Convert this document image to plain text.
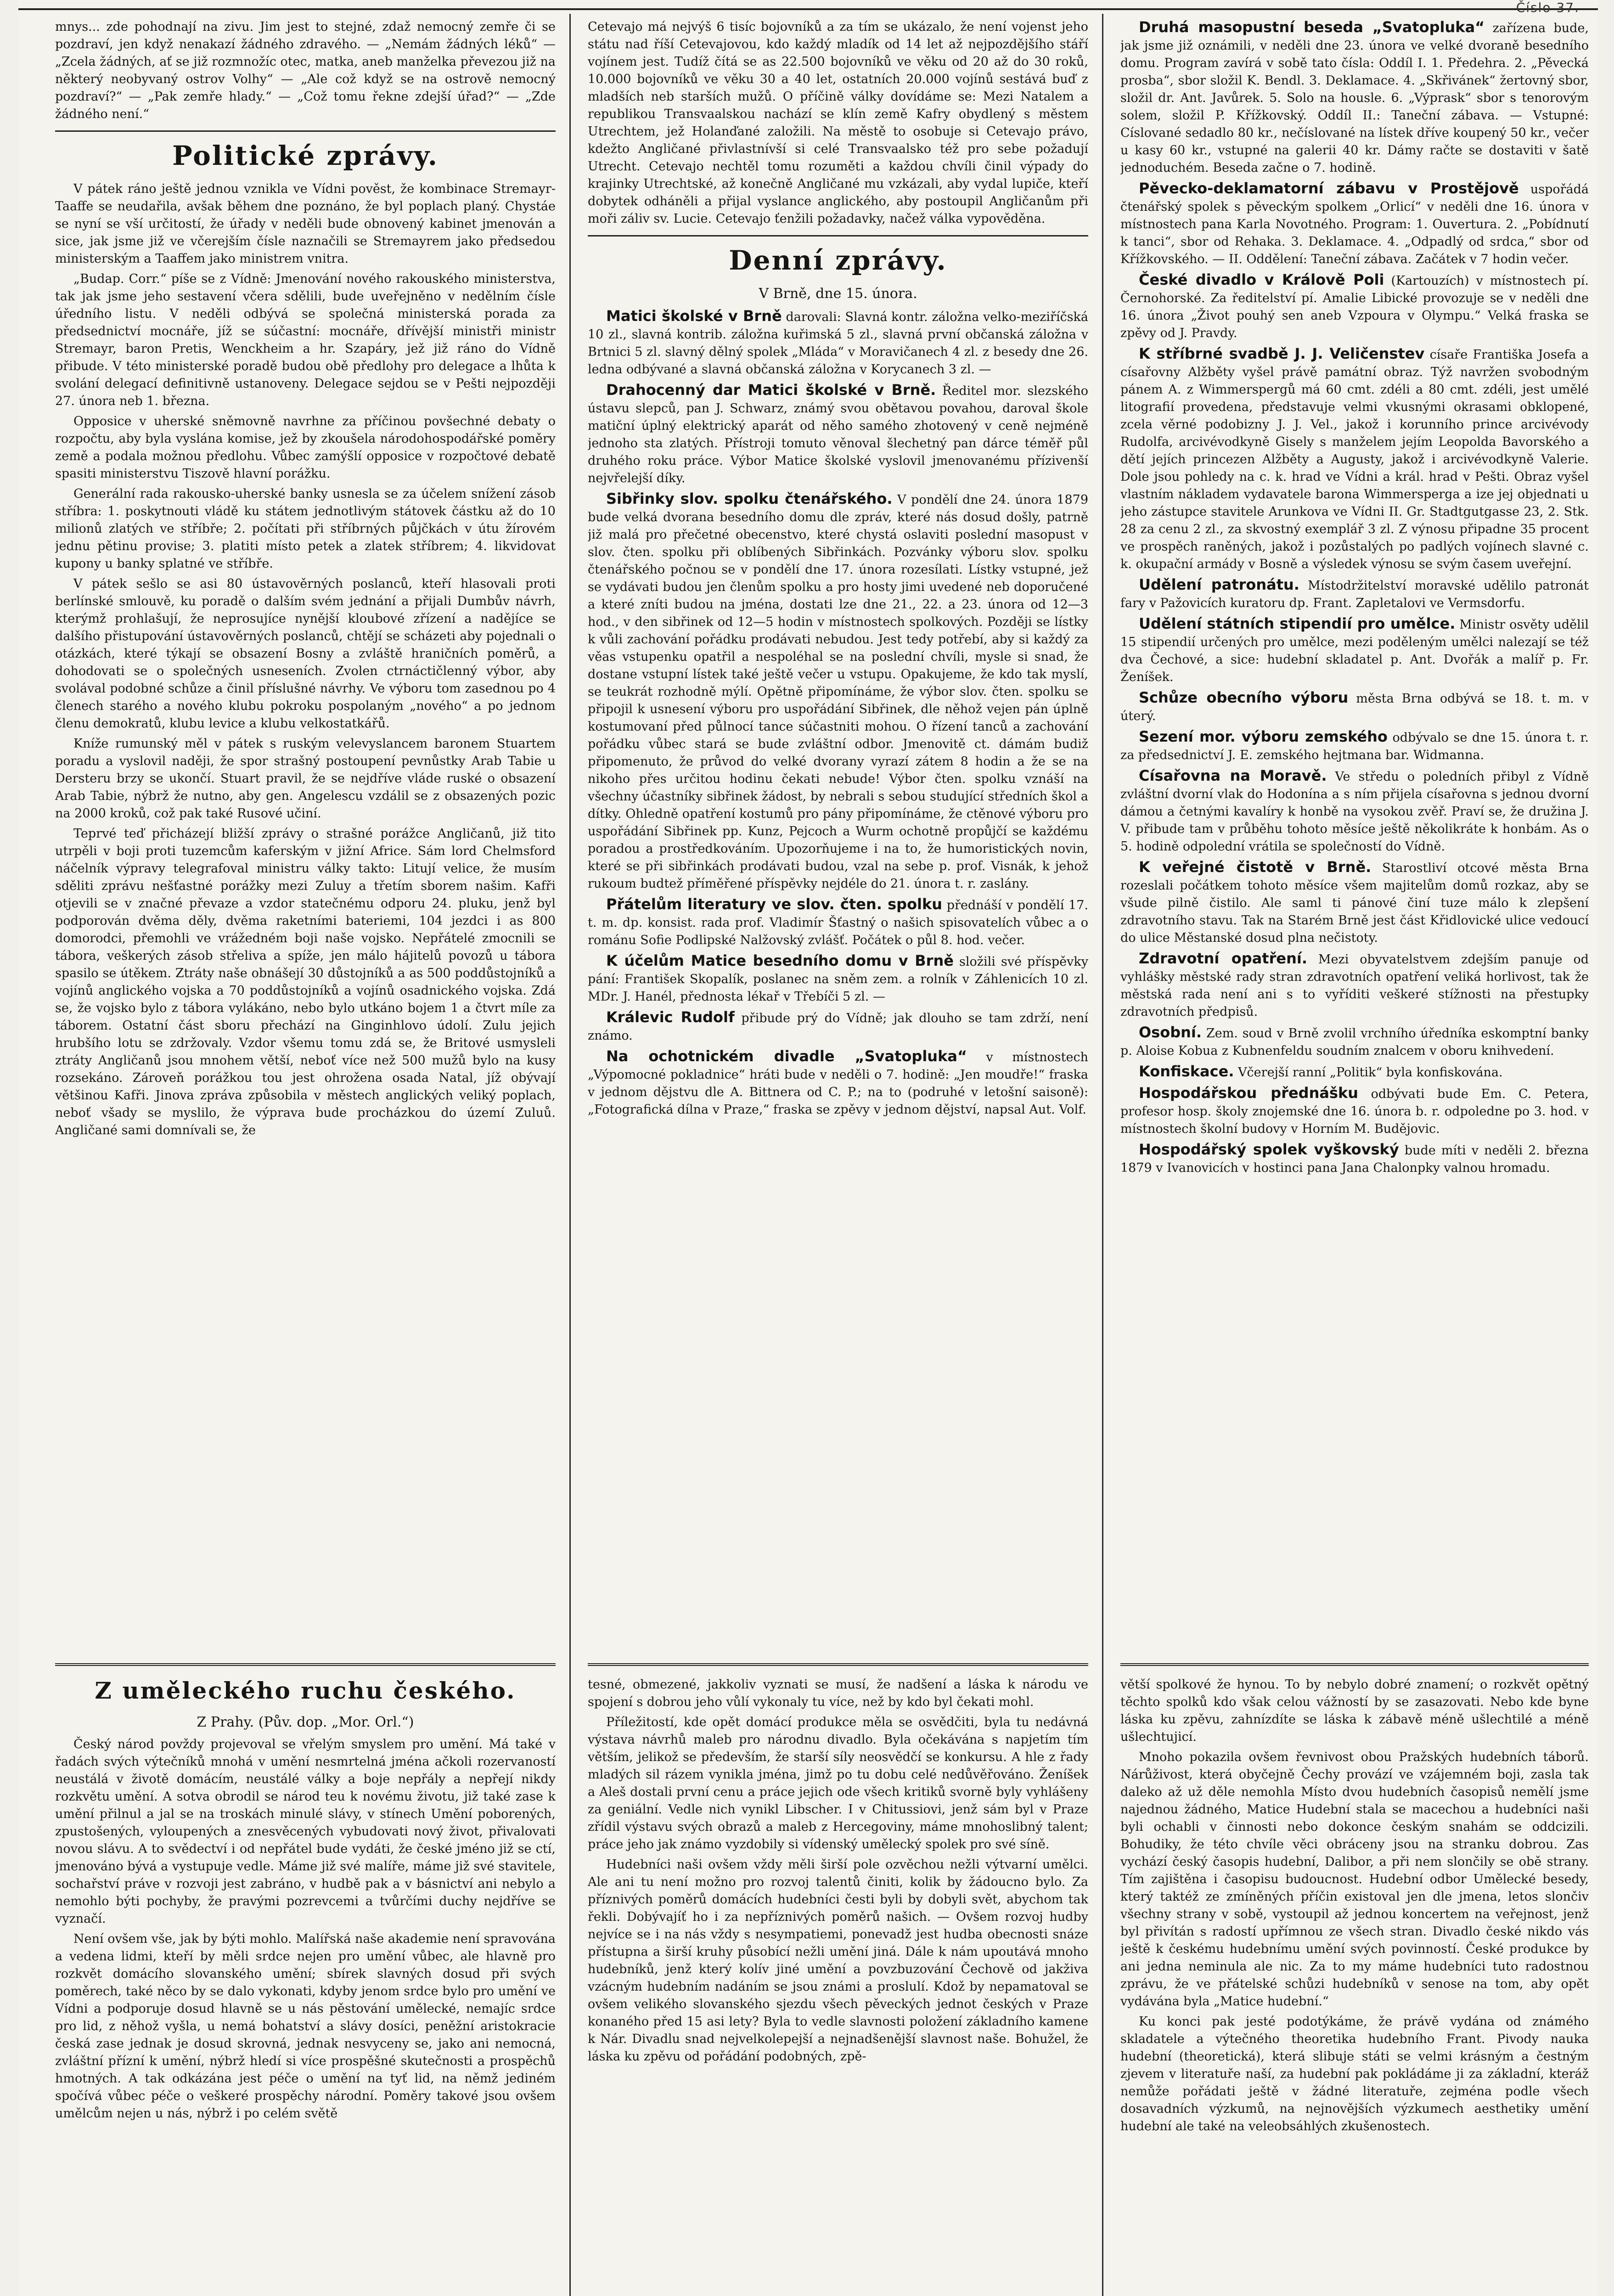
Číslo 37.

mnys... zde pohodnají na zivu. Jim jest to stejné, zdaž nemocný zemře či se pozdraví, jen když nenakazí žádného zdravého. — „Nemám žádných léků“ — „Zcela žádných, ať se již rozmnožíc otec, matka, aneb manželka převezou již na některý neobyvaný ostrov Volhy“ — „Ale což když se na ostrově nemocný pozdraví?“ — „Pak zemře hlady.“ — „Což tomu řekne zdejší úřad?“ — „Zde žádného není.“

Politické zprávy.

V pátek ráno ještě jednou vznikla ve Vídni pověst, že kombinace Stremayr-Taaffe se neudařila, avšak během dne poznáno, že byl poplach planý. Chystáe se nyní se vší určitostí, že úřady v neděli bude obnovený kabinet jmenován a sice, jak jsme již ve včerejším čísle naznačili se Stremayrem jako předsedou ministerským a Taaffem jako ministrem vnitra.

„Budap. Corr.“ píše se z Vídně: Jmenování nového rakouského ministerstva, tak jak jsme jeho sestavení včera sdělili, bude uveřejněno v nedělním čísle úředního listu. V neděli odbývá se společná ministerská porada za předsednictví mocnáře, jíž se súčastní: mocnáře, dřívější ministři ministr Stremayr, baron Pretis, Wenckheim a hr. Szapáry, jež již ráno do Vídně přibude. V této ministerské poradě budou obě předlohy pro delegace a lhůta k svolání delegací definitivně ustanoveny. Delegace sejdou se v Pešti nejpozději 27. února neb 1. března.

Opposice v uherské sněmovně navrhne za příčinou povšechné debaty o rozpočtu, aby byla vyslána komise, jež by zkoušela národohospodářské poměry země a podala možnou předlohu. Vůbec zamýšlí opposice v rozpočtové debatě spasiti ministerstvu Tiszově hlavní porážku.

Generální rada rakousko-uherské banky usnesla se za účelem snížení zásob stříbra: 1. poskytnouti vládě ku státem jednotlivým státovek částku až do 10 milionů zlatých ve stříbře; 2. počítati při stříbrných půjčkách v útu žírovém jednu pětinu provise; 3. platiti místo petek a zlatek stříbrem; 4. likvidovat kupony u banky splatné ve stříbře.

V pátek sešlo se asi 80 ústavověrných poslanců, kteří hlasovali proti berlínské smlouvě, ku poradě o dalším svém jednání a přijali Dumbův návrh, kterýmž prohlašují, že neprosujíce nynější kloubové zřízení a nadějíce se dalšího přistupování ústavověrných poslanců, chtějí se scházeti aby pojednali o otázkách, které týkají se obsazení Bosny a zvláště hraničních poměrů, a dohodovati se o společných usneseních. Zvolen ctrnáctičlenný výbor, aby svolával podobné schůze a činil příslušné návrhy. Ve výboru tom zasednou po 4 členech starého a nového klubu pokroku pospolaným „nového“ a po jednom členu demokratů, klubu levice a klubu velkostatkářů.

Kníže rumunský měl v pátek s ruským velevyslancem baronem Stuartem poradu a vyslovil naději, že spor strašný postoupení pevnůstky Arab Tabie u Dersteru brzy se ukončí. Stuart pravil, že se nejdříve vláde ruské o obsazení Arab Tabie, nýbrž že nutno, aby gen. Angelescu vzdálil se z obsazených pozic na 2000 kroků, což pak také Rusové učiní.

Teprvé teď přicházejí bližší zprávy o strašné porážce Angličanů, již tito utrpěli v boji proti tuzemcům kaferským v jižní Africe. Sám lord Chelmsford náčelník výpravy telegrafoval ministru války takto: Litují velice, že musím sděliti zprávu nešťastné porážky mezi Zuluy a třetím sborem našim. Kafři otjevili se v značné převaze a vzdor statečnému odporu 24. pluku, jenž byl podporován dvěma děly, dvěma raketními bateriemi, 104 jezdci i as 800 domorodci, přemohli ve vrážedném boji naše vojsko. Nepřátelé zmocnili se tábora, veškerých zásob střeliva a spíže, jen málo hájitelů povozů u tábora spasilo se útěkem. Ztráty naše obnášejí 30 důstojníků a as 500 poddůstojníků a vojínů anglického vojska a 70 poddůstojníků a vojínů osadnického vojska. Zdá se, že vojsko bylo z tábora vylákáno, nebo bylo utkáno bojem 1 a čtvrt míle za táborem. Ostatní část sboru přechází na Ginginhlovo údolí. Zulu jejich hrubšího lotu se zdržovaly. Vzdor všemu tomu zdá se, že Britové usmysleli ztráty Angličanů jsou mnohem větší, neboť více než 500 mužů bylo na kusy rozsekáno. Zároveň porážkou tou jest ohrožena osada Natal, jíž obývají většinou Kafři. Jinova zpráva způsobila v městech anglických veliký poplach, neboť všady se myslilo, že výprava bude procházkou do území Zuluů. Angličané sami domnívali se, že

Z uměleckého ruchu českého.
Z Prahy. (Pův. dop. „Mor. Orl.“)

Český národ povždy projevoval se vřelým smyslem pro umění. Má také v řadách svých výtečníků mnohá v umění nesmrtelná jména ačkoli rozervaností neustálá v životě domácím, neustálé války a boje nepřály a nepřejí nikdy rozkvětu umění. A sotva obrodil se národ teu k novému životu, již také zase k umění přilnul a jal se na troskách minulé slávy, v stínech Umění poborených, zpustošených, vyloupených a znesvěcených vybudovati nový život, přivalovati novou slávu. A to svědectví i od nepřátel bude vydáti, že české jméno již se ctí, jmenováno bývá a vystupuje vedle. Máme již své malíře, máme již své stavitele, sochařství práve v rozvoji jest zabráno, v hudbě pak a v básnictví ani nebylo a nemohlo býti pochyby, že pravými pozrevcemi a tvůrčími duchy nejdříve se vyznačí.

Není ovšem vše, jak by býti mohlo. Malířská naše akademie není spravována a vedena lidmi, kteří by měli srdce nejen pro umění vůbec, ale hlavně pro rozkvět domácího slovanského umění; sbírek slavných dosud při svých poměrech, také něco by se dalo vykonati, kdyby jenom srdce bylo pro umění ve Vídni a podporuje dosud hlavně se u nás pěstování umělecké, nemajíc srdce pro lid, z něhož vyšla, u nemá bohatství a slávy dosíci, peněžní aristokracie česká zase jednak je dosud skrovná, jednak nesvyceny se, jako ani nemocná, zvláštní přízní k umění, nýbrž hledí si více prospěšné skutečnosti a prospěchů hmotných. A tak odkázána jest péče o umění na tyť lid, na němž jediném spočívá vůbec péče o veškeré prospěchy národní. Poměry takové jsou ovšem umělcům nejen u nás, nýbrž i po celém světě

Cetevajo má nejvýš 6 tisíc bojovníků a za tím se ukázalo, že není vojenst jeho státu nad říší Cetevajovou, kdo každý mladík od 14 let až nejpozdějšího stáří vojínem jest. Tudíž čítá se as 22.500 bojovníků ve věku od 20 až do 30 roků, 10.000 bojovníků ve věku 30 a 40 let, ostatních 20.000 vojínů sestává buď z mladších neb starších mužů. O příčině války dovídáme se: Mezi Natalem a republikou Transvaalskou nachází se klín země Kafry obydlený s městem Utrechtem, jež Holanďané založili. Na městě to osobuje si Cetevajo právo, kdežto Angličané přivlastnívší si celé Transvaalsko též pro sebe požadují Utrecht. Cetevajo nechtěl tomu rozuměti a každou chvíli činil výpady do krajinky Utrechtské, až konečně Angličané mu vzkázali, aby vydal lupiče, kteří dobytek odháněli a přijal vyslance anglického, aby postoupil Angličanům při moři záliv sv. Lucie. Cetevajo ťenžili požadavky, načež válka vypověděna.

Denní zprávy.
V Brně, dne 15. února.

Matici školské v Brně darovali: Slavná kontr. záložna velko-meziříčská 10 zl., slavná kontrib. záložna kuřimská 5 zl., slavná první občanská záložna v Brtnici 5 zl. slavný dělný spolek „Mláda“ v Moravičanech 4 zl. z besedy dne 26. ledna odbývané a slavná občanská záložna v Korycanech 3 zl. —

Drahocenný dar Matici školské v Brně. Ředitel mor. slezského ústavu slepců, pan J. Schwarz, známý svou obětavou povahou, daroval škole matiční úplný elektrický aparát od něho samého zhotovený v ceně nejméně jednoho sta zlatých. Přístroji tomuto věnoval šlechetný pan dárce téměř půl druhého roku práce. Výbor Matice školské vyslovil jmenovanému přízivenší nejvřelejší díky.

Sibřinky slov. spolku čtenářského. V pondělí dne 24. února 1879 bude velká dvorana besedního domu dle zpráv, které nás dosud došly, patrně již malá pro přečetné obecenstvo, které chystá oslaviti poslední masopust v slov. čten. spolku při oblíbených Sibřinkách. Pozvánky výboru slov. spolku čtenářského počnou se v pondělí dne 17. února rozesílati. Lístky vstupné, jež se vydávati budou jen členům spolku a pro hosty jimi uvedené neb doporučené a které zníti budou na jména, dostati lze dne 21., 22. a 23. února od 12—3 hod., v den sibřinek od 12—5 hodin v místnostech spolkových. Později se lístky k vůli zachování pořádku prodávati nebudou. Jest tedy potřebí, aby si každý za věas vstupenku opatřil a nespoléhal se na poslední chvíli, mysle si snad, že dostane vstupní lístek také ještě večer u vstupu. Opakujeme, že kdo tak myslí, se teukrát rozhodně mýlí. Opětně připomínáme, že výbor slov. čten. spolku se připojil k usnesení výboru pro uspořádání Sibřinek, dle něhož vejen pán úplně kostumovaní před půlnocí tance súčastniti mohou. O řízení tanců a zachování pořádku vůbec stará se bude zvláštní odbor. Jmenovitě ct. dámám budiž připomenuto, že průvod do velké dvorany vyrazí zátem 8 hodin a že se na nikoho přes určitou hodinu čekati nebude! Výbor čten. spolku vznáší na všechny účastníky sibřinek žádost, by nebrali s sebou studující středních škol a dítky. Ohledně opatření kostumů pro pány připomínáme, že ctěnové výboru pro uspořádání Sibřinek pp. Kunz, Pejcoch a Wurm ochotně propůjčí se každému poradou a prostředkováním. Upozorňujeme i na to, že humoristických novin, které se při sibřinkách prodávati budou, vzal na sebe p. prof. Visnák, k jehož rukoum budtež příměřené příspěvky nejdéle do 21. února t. r. zaslány.

Přátelům literatury ve slov. čten. spolku přednáší v pondělí 17. t. m. dp. konsist. rada prof. Vladimír Šťastný o našich spisovatelích vůbec a o románu Sofie Podlipské Nalžovský zvlášť. Počátek o půl 8. hod. večer.

K účelům Matice besedního domu v Brně složili své příspěvky pání: František Skopalík, poslanec na sněm zem. a rolník v Záhlenicích 10 zl. MDr. J. Hanél, přednosta lékař v Třebíči 5 zl. —

Králevic Rudolf přibude prý do Vídně; jak dlouho se tam zdrží, není známo.

Na ochotnickém divadle „Svatopluka“ v místnostech „Výpomocné pokladnice“ hráti bude v neděli o 7. hodině: „Jen moudře!“ fraska v jednom dějstvu dle A. Bittnera od C. P.; na to (podruhé v letošní saisoně): „Fotografická dílna v Praze,“ fraska se zpěvy v jednom dějství, napsal Aut. Volf.

tesné, obmezené, jakkoliv vyznati se musí, že nadšení a láska k národu ve spojení s dobrou jeho vůlí vykonaly tu více, než by kdo byl čekati mohl.

Příležitostí, kde opět domácí produkce měla se osvědčiti, byla tu nedávná výstava návrhů maleb pro národnu divadlo. Byla očekávána s napjetím tím větším, jelikož se především, že starší síly neosvědčí se konkursu. A hle z řady mladých sil rázem vynikla jména, jimž po tu dobu celé nedůvěřováno. Ženíšek a Aleš dostali první cenu a práce jejich ode všech kritiků svorně byly vyhlášeny za geniální. Vedle nich vynikl Libscher. I v Chitussiovi, jenž sám byl v Praze zřídil výstavu svých obrazů a maleb z Hercegoviny, máme mnohoslibný talent; práce jeho jak známo vyzdobily si vídenský umělecký spolek pro své síně.

Hudebníci naši ovšem vždy měli širší pole ozvěchou nežli výtvarní umělci. Ale ani tu není možno pro rozvoj talentů činiti, kolik by žádoucno bylo. Za příznivých poměrů domácích hudebníci česti byli by dobyli svět, abychom tak řekli. Dobývajíť ho i za nepříznivých poměrů našich. — Ovšem rozvoj hudby nejvíce se i na nás vždy s nesympatiemi, ponevadž jest hudba obecnosti snáze přístupna a širší kruhy působící nežli umění jiná. Dále k nám upoutává mnoho hudebníků, jenž který kolív jiné umění a povzbuzování Čechově od jakživa vzácným hudebním nadáním se jsou známi a proslulí. Kdož by nepamatoval se ovšem velikého slovanského sjezdu všech pěveckých jednot českých v Praze konaného před 15 asi lety? Byla to vedle slavnosti položení základního kamene k Nár. Divadlu snad nejvelkolepejší a nejnadšenější slavnost naše. Bohužel, že láska ku zpěvu od pořádání podobných, zpě-

Druhá masopustní beseda „Svatopluka“ zařízena bude, jak jsme již oznámili, v neděli dne 23. února ve velké dvoraně besedního domu. Program zavírá v sobě tato čísla: Oddíl I. 1. Předehra. 2. „Pěvecká prosba“, sbor složil K. Bendl. 3. Deklamace. 4. „Skřivánek“ žertovný sbor, složil dr. Ant. Javůrek. 5. Solo na housle. 6. „Výprask“ sbor s tenorovým solem, složil P. Křížkovský. Oddíl II.: Taneční zábava. — Vstupné: Císlované sedadlo 80 kr., nečíslované na lístek dříve koupený 50 kr., večer u kasy 60 kr., vstupné na galerii 40 kr. Dámy račte se dostaviti v šatě jednoduchém. Beseda začne o 7. hodině.

Pěvecko-deklamatorní zábavu v Prostějově uspořádá čtenářský spolek s pěveckým spolkem „Orlicí“ v neděli dne 16. února v místnostech pana Karla Novotného. Program: 1. Ouvertura. 2. „Pobídnutí k tanci“, sbor od Rehaka. 3. Deklamace. 4. „Odpadlý od srdca,“ sbor od Křížkovského. — II. Oddělení: Taneční zábava. Začátek v 7 hodin večer.

České divadlo v Králově Poli (Kartouzích) v místnostech pí. Černohorské. Za ředitelství pí. Amalie Libické provozuje se v neděli dne 16. února „Život pouhý sen aneb Vzpoura v Olympu.“ Velká fraska se zpěvy od J. Pravdy.

K stříbrné svadbě J. J. Veličenstev císaře Františka Josefa a císařovny Alžběty vyšel právě památní obraz. Týž navržen svobodným pánem A. z Wimmerspergů má 60 cmt. zdéli a 80 cmt. zdéli, jest umělé litografií provedena, představuje velmi vkusnými okrasami obklopené, zcela věrné podobizny J. J. Vel., jakož i korunního prince arcivévody Rudolfa, arcivévodkyně Gisely s manželem jejím Leopolda Bavorského a dětí jejích princezen Alžběty a Augusty, jakož i arcivévodkyně Valerie. Dole jsou pohledy na c. k. hrad ve Vídni a král. hrad v Pešti. Obraz vyšel vlastním nákladem vydavatele barona Wimmersperga a ize jej objednati u jeho zástupce stavitele Arunkova ve Vídni II. Gr. Stadtgutgasse 23, 2. Stk. 28 za cenu 2 zl., za skvostný exemplář 3 zl. Z výnosu připadne 35 procent ve prospěch raněných, jakož i pozůstalých po padlých vojínech slavné c. k. okupační armády v Bosně a výsledek výnosu se svým časem uveřejní.

Udělení patronátu. Místodržitelství moravské udělilo patronát fary v Pažovicích kuratoru dp. Frant. Zapletalovi ve Vermsdorfu.

Udělení státních stipendií pro umělce. Ministr osvěty udělil 15 stipendií určených pro umělce, mezi poděleným umělci nalezají se též dva Čechové, a sice: hudební skladatel p. Ant. Dvořák a malíř p. Fr. Ženíšek.

Schůze obecního výboru města Brna odbývá se 18. t. m. v úterý.

Sezení mor. výboru zemského odbývalo se dne 15. února t. r. za předsednictví J. E. zemského hejtmana bar. Widmanna.

Císařovna na Moravě. Ve středu o poledních přibyl z Vídně zvláštní dvorní vlak do Hodonína a s ním přijela císařovna s jednou dvorní dámou a četnými kavalíry k honbě na vysokou zvěř. Praví se, že družina J. V. přibude tam v průběhu tohoto měsíce ještě několikráte k honbám. As o 5. hodině odpolední vrátila se společností do Vídně.

K veřejné čistotě v Brně. Starostliví otcové města Brna rozeslali počátkem tohoto měsíce všem majitelům domů rozkaz, aby se všude pilně čistilo. Ale saml ti pánové činí tuze málo k zlepšení zdravotního stavu. Tak na Starém Brně jest část Křidlovické ulice vedoucí do ulice Městanské dosud plna nečistoty.

Zdravotní opatření. Mezi obyvatelstvem zdejším panuje od vyhlášky městské rady stran zdravotních opatření veliká horlivost, tak že městská rada není ani s to vyříditi veškeré stížnosti na přestupky zdravotních předpisů.

Osobní. Zem. soud v Brně zvolil vrchního úředníka eskomptní banky p. Aloise Kobua z Kubnenfeldu soudním znalcem v oboru knihvedení.

Konfiskace. Včerejší ranní „Politik“ byla konfiskována.

Hospodářskou přednášku odbývati bude Em. C. Petera, profesor hosp. školy znojemské dne 16. února b. r. odpoledne po 3. hod. v místnostech školní budovy v Horním M. Budějovic.

Hospodářský spolek vyškovský bude míti v neděli 2. března 1879 v Ivanovicích v hostinci pana Jana Chalonpky valnou hromadu.

větší spolkové že hynou. To by nebylo dobré znamení; o rozkvět opětný těchto spolků kdo však celou vážností by se zasazovati. Nebo kde byne láska ku zpěvu, zahnízdíte se láska k zábavě méně ušlechtilé a méně ušlechtujicí.

Mnoho pokazila ovšem řevnivost obou Pražských hudebních táborů. Nárůživost, která obyčejně Čechy provází ve vzájemném boji, zasla tak daleko až už děle nemohla Místo dvou hudebních časopisů nemělí jsme najednou žádného, Matice Hudební stala se macechou a hudebníci naši byli ochabli v činnosti nebo dokonce českým snahám se oddcizili. Bohudiky, že této chvíle věci obráceny jsou na stranku dobrou. Zas vychází český časopis hudební, Dalibor, a při nem slončily se obě strany. Tím zajištěna i časopisu budoucnost. Hudební odbor Umělecké besedy, který taktéž ze zmíněných příčin existoval jen dle jmena, letos slončiv všechny strany v sobě, vystoupil až jednou koncertem na veřejnost, jenž byl přivítán s radostí upřímnou ze všech stran. Divadlo české nikdo vás ještě k českému hudebnímu umění svých povinností. České produkce by ani jedna neminula ale nic. Za to my máme hudebníci tuto radostnou zprávu, že ve přátelské schůzi hudebníků v senose na tom, aby opět vydávána byla „Matice hudební.“

Ku konci pak jesté podotýkáme, že právě vydána od známého skladatele a výtečného theoretika hudebního Frant. Pivody nauka hudební (theoretická), která slibuje státi se velmi krásným a čestným zjevem v literatuře naší, za hudební pak pokládáme ji za základní, kteráž nemůže pořádati ještě v žádné literatuře, zejména podle všech dosavadních výzkumů, na nejnovějších výzkumech aesthetiky umění hudební ale také na veleobsáhlých zkušenostech.
